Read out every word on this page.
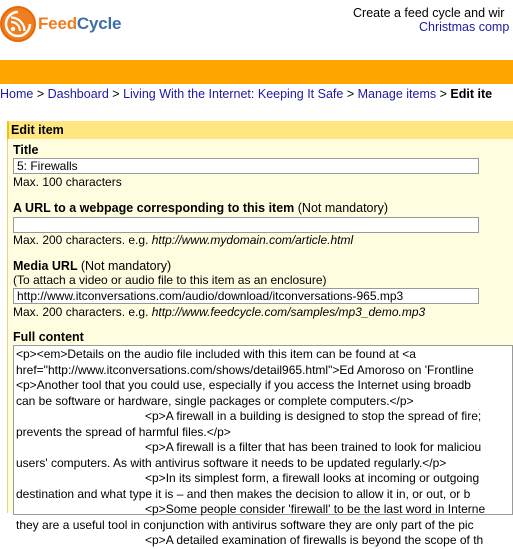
FeedCycle
Create a feed cycle and wir
Christmas comp
Home > Dashboard > Living With the Internet: Keeping It Safe > Manage items > Edit ite
Edit item
Title
5: Firewalls
Max. 100 characters
A URL to a webpage corresponding to this item (Not mandatory)
Max. 200 characters. e.g. http://www.mydomain.com/article.html
Media URL (Not mandatory)
(To attach a video or audio file to this item as an enclosure)
http://www.itconversations.com/audio/download/itconversations-965.mp3
Max. 200 characters. e.g. http://www.feedcycle.com/samples/mp3_demo.mp3
Full content
<p><em>Details on the audio file included with this item can be found at <a
href="http://www.itconversations.com/shows/detail965.html">Ed Amoroso on 'Frontline
<p>Another tool that you could use, especially if you access the Internet using broadb
can be software or hardware, single packages or complete computers.</p>
<p>A firewall in a building is designed to stop the spread of fire;
prevents the spread of harmful files.</p>
<p>A firewall is a filter that has been trained to look for maliciou
users' computers. As with antivirus software it needs to be updated regularly.</p>
<p>In its simplest form, a firewall looks at incoming or outgoing
destination and what type it is – and then makes the decision to allow it in, or out, or b
<p>Some people consider 'firewall' to be the last word in Interne
they are a useful tool in conjunction with antivirus software they are only part of the pic
<p>A detailed examination of firewalls is beyond the scope of th
